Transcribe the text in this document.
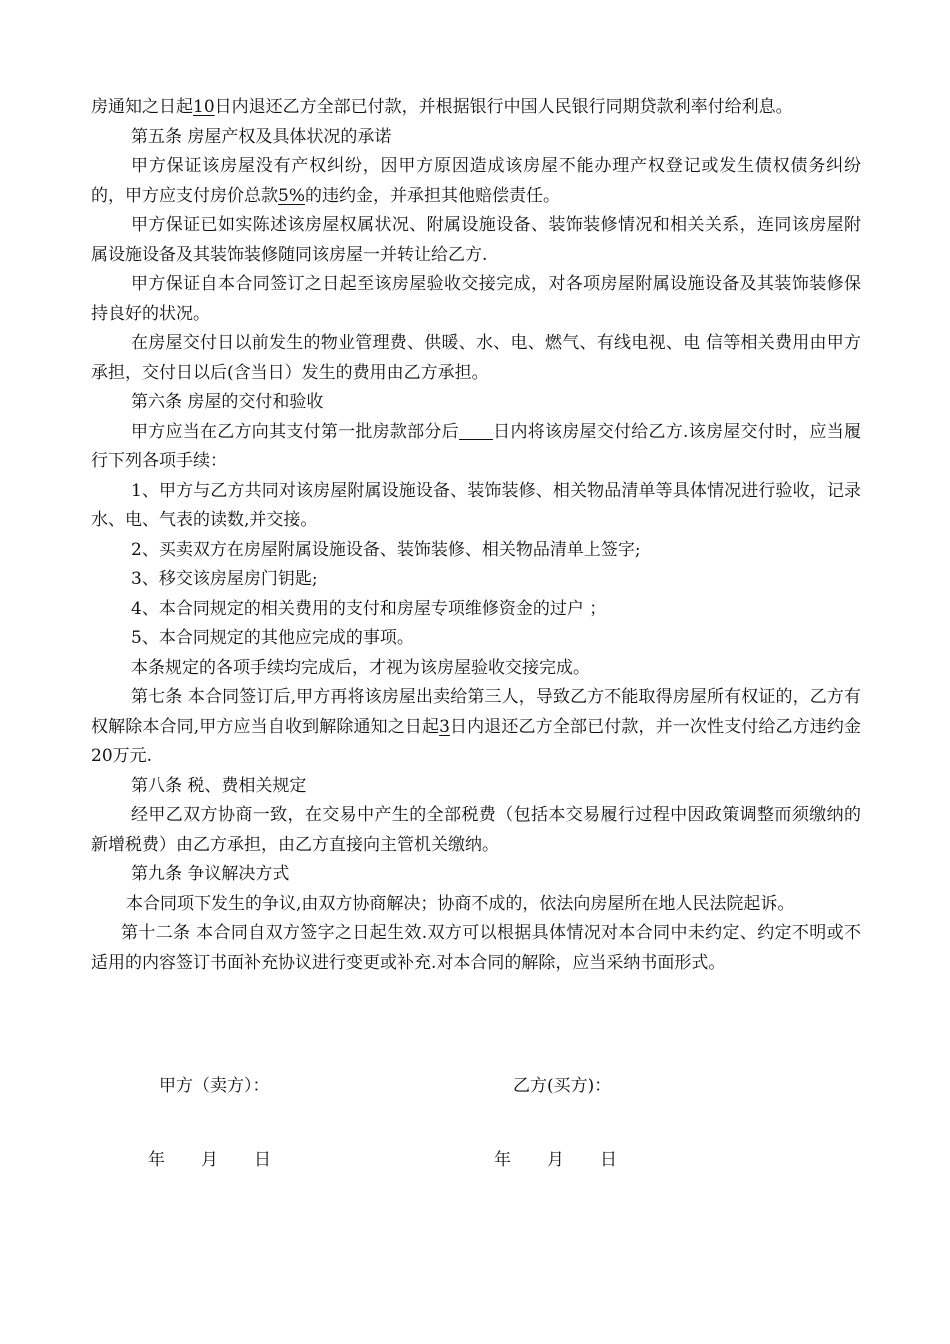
房通知之日起10日内退还乙方全部已付款，并根据银行中国人民银行同期贷款利率付给利息。

第五条 房屋产权及具体状况的承诺

甲方保证该房屋没有产权纠纷，因甲方原因造成该房屋不能办理产权登记或发生债权债务纠纷的，甲方应支付房价总款5%的违约金，并承担其他赔偿责任。

甲方保证已如实陈述该房屋权属状况、附属设施设备、装饰装修情况和相关关系，连同该房屋附属设施设备及其装饰装修随同该房屋一并转让给乙方.

甲方保证自本合同签订之日起至该房屋验收交接完成，对各项房屋附属设施设备及其装饰装修保持良好的状况。

在房屋交付日以前发生的物业管理费、供暖、水、电、燃气、有线电视、电 信等相关费用由甲方承担，交付日以后(含当日）发生的费用由乙方承担。

第六条 房屋的交付和验收

甲方应当在乙方向其支付第一批房款部分后 日内将该房屋交付给乙方.该房屋交付时，应当履行下列各项手续：

1、甲方与乙方共同对该房屋附属设施设备、装饰装修、相关物品清单等具体情况进行验收，记录水、电、气表的读数,并交接。

2、买卖双方在房屋附属设施设备、装饰装修、相关物品清单上签字;

3、移交该房屋房门钥匙;

4、本合同规定的相关费用的支付和房屋专项维修资金的过户 ；

5、本合同规定的其他应完成的事项。

本条规定的各项手续均完成后，才视为该房屋验收交接完成。

第七条 本合同签订后,甲方再将该房屋出卖给第三人，导致乙方不能取得房屋所有权证的，乙方有权解除本合同,甲方应当自收到解除通知之日起3日内退还乙方全部已付款，并一次性支付给乙方违约金20万元.

第八条 税、费相关规定

经甲乙双方协商一致，在交易中产生的全部税费（包括本交易履行过程中因政策调整而须缴纳的新增税费）由乙方承担，由乙方直接向主管机关缴纳。

第九条 争议解决方式

本合同项下发生的争议,由双方协商解决；协商不成的，依法向房屋所在地人民法院起诉。

第十二条 本合同自双方签字之日起生效.双方可以根据具体情况对本合同中未约定、约定不明或不适用的内容签订书面补充协议进行变更或补充.对本合同的解除，应当采纳书面形式。

甲方（卖方）：	乙方(买方)：
年 月 日	年 月 日
